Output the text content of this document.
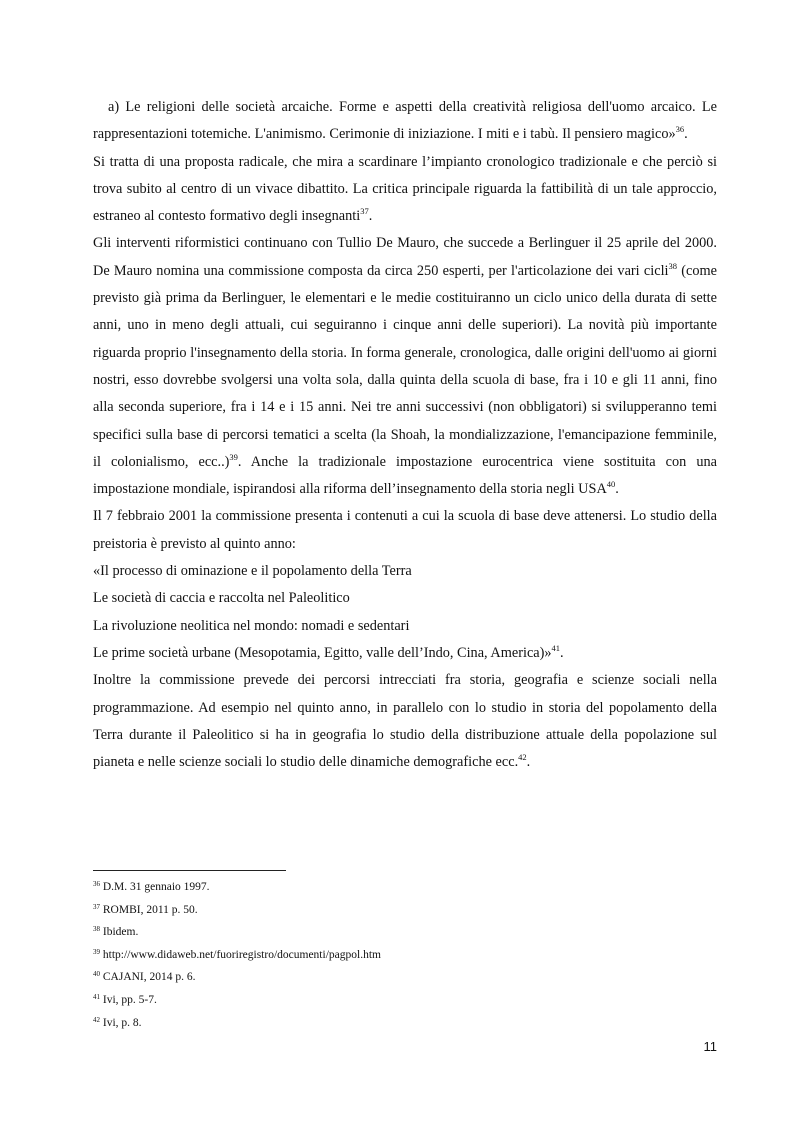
a) Le religioni delle società arcaiche. Forme e aspetti della creatività religiosa dell'uomo arcaico. Le rappresentazioni totemiche. L'animismo. Cerimonie di iniziazione. I miti e i tabù. Il pensiero magico»$^{36}$.

Si tratta di una proposta radicale, che mira a scardinare l’impianto cronologico tradizionale e che perciò si trova subito al centro di un vivace dibattito. La critica principale riguarda la fattibilità di un tale approccio, estraneo al contesto formativo degli insegnanti$^{37}$.

Gli interventi riformistici continuano con Tullio De Mauro, che succede a Berlinguer il 25 aprile del 2000. De Mauro nomina una commissione composta da circa 250 esperti, per l'articolazione dei vari cicli$^{38}$ (come previsto già prima da Berlinguer, le elementari e le medie costituiranno un ciclo unico della durata di sette anni, uno in meno degli attuali, cui seguiranno i cinque anni delle superiori). La novità più importante riguarda proprio l'insegnamento della storia. In forma generale, cronologica, dalle origini dell'uomo ai giorni nostri, esso dovrebbe svolgersi una volta sola, dalla quinta della scuola di base, fra i 10 e gli 11 anni, fino alla seconda superiore, fra i 14 e i 15 anni. Nei tre anni successivi (non obbligatori) si svilupperanno temi specifici sulla base di percorsi tematici a scelta (la Shoah, la mondializzazione, l'emancipazione femminile, il colonialismo, ecc..)$^{39}$. Anche la tradizionale impostazione eurocentrica viene sostituita con una impostazione mondiale, ispirandosi alla riforma dell’insegnamento della storia negli USA$^{40}$.

Il 7 febbraio 2001 la commissione presenta i contenuti a cui la scuola di base deve attenersi. Lo studio della preistoria è previsto al quinto anno:

«Il processo di ominazione e il popolamento della Terra

Le società di caccia e raccolta nel Paleolitico

La rivoluzione neolitica nel mondo: nomadi e sedentari

Le prime società urbane (Mesopotamia, Egitto, valle dell’Indo, Cina, America)»$^{41}$.

Inoltre la commissione prevede dei percorsi intrecciati fra storia, geografia e scienze sociali nella programmazione. Ad esempio nel quinto anno, in parallelo con lo studio in storia del popolamento della Terra durante il Paleolitico si ha in geografia lo studio della distribuzione attuale della popolazione sul pianeta e nelle scienze sociali lo studio delle dinamiche demografiche ecc.$^{42}$.

$^{36}$ D.M. 31 gennaio 1997.

$^{37}$ ROMBI, 2011 p. 50.

$^{38}$ Ibidem.

$^{39}$ http://www.didaweb.net/fuoriregistro/documenti/pagpol.htm

$^{40}$ CAJANI, 2014 p. 6.

$^{41}$ Ivi, pp. 5-7.

$^{42}$ Ivi, p. 8.

11
